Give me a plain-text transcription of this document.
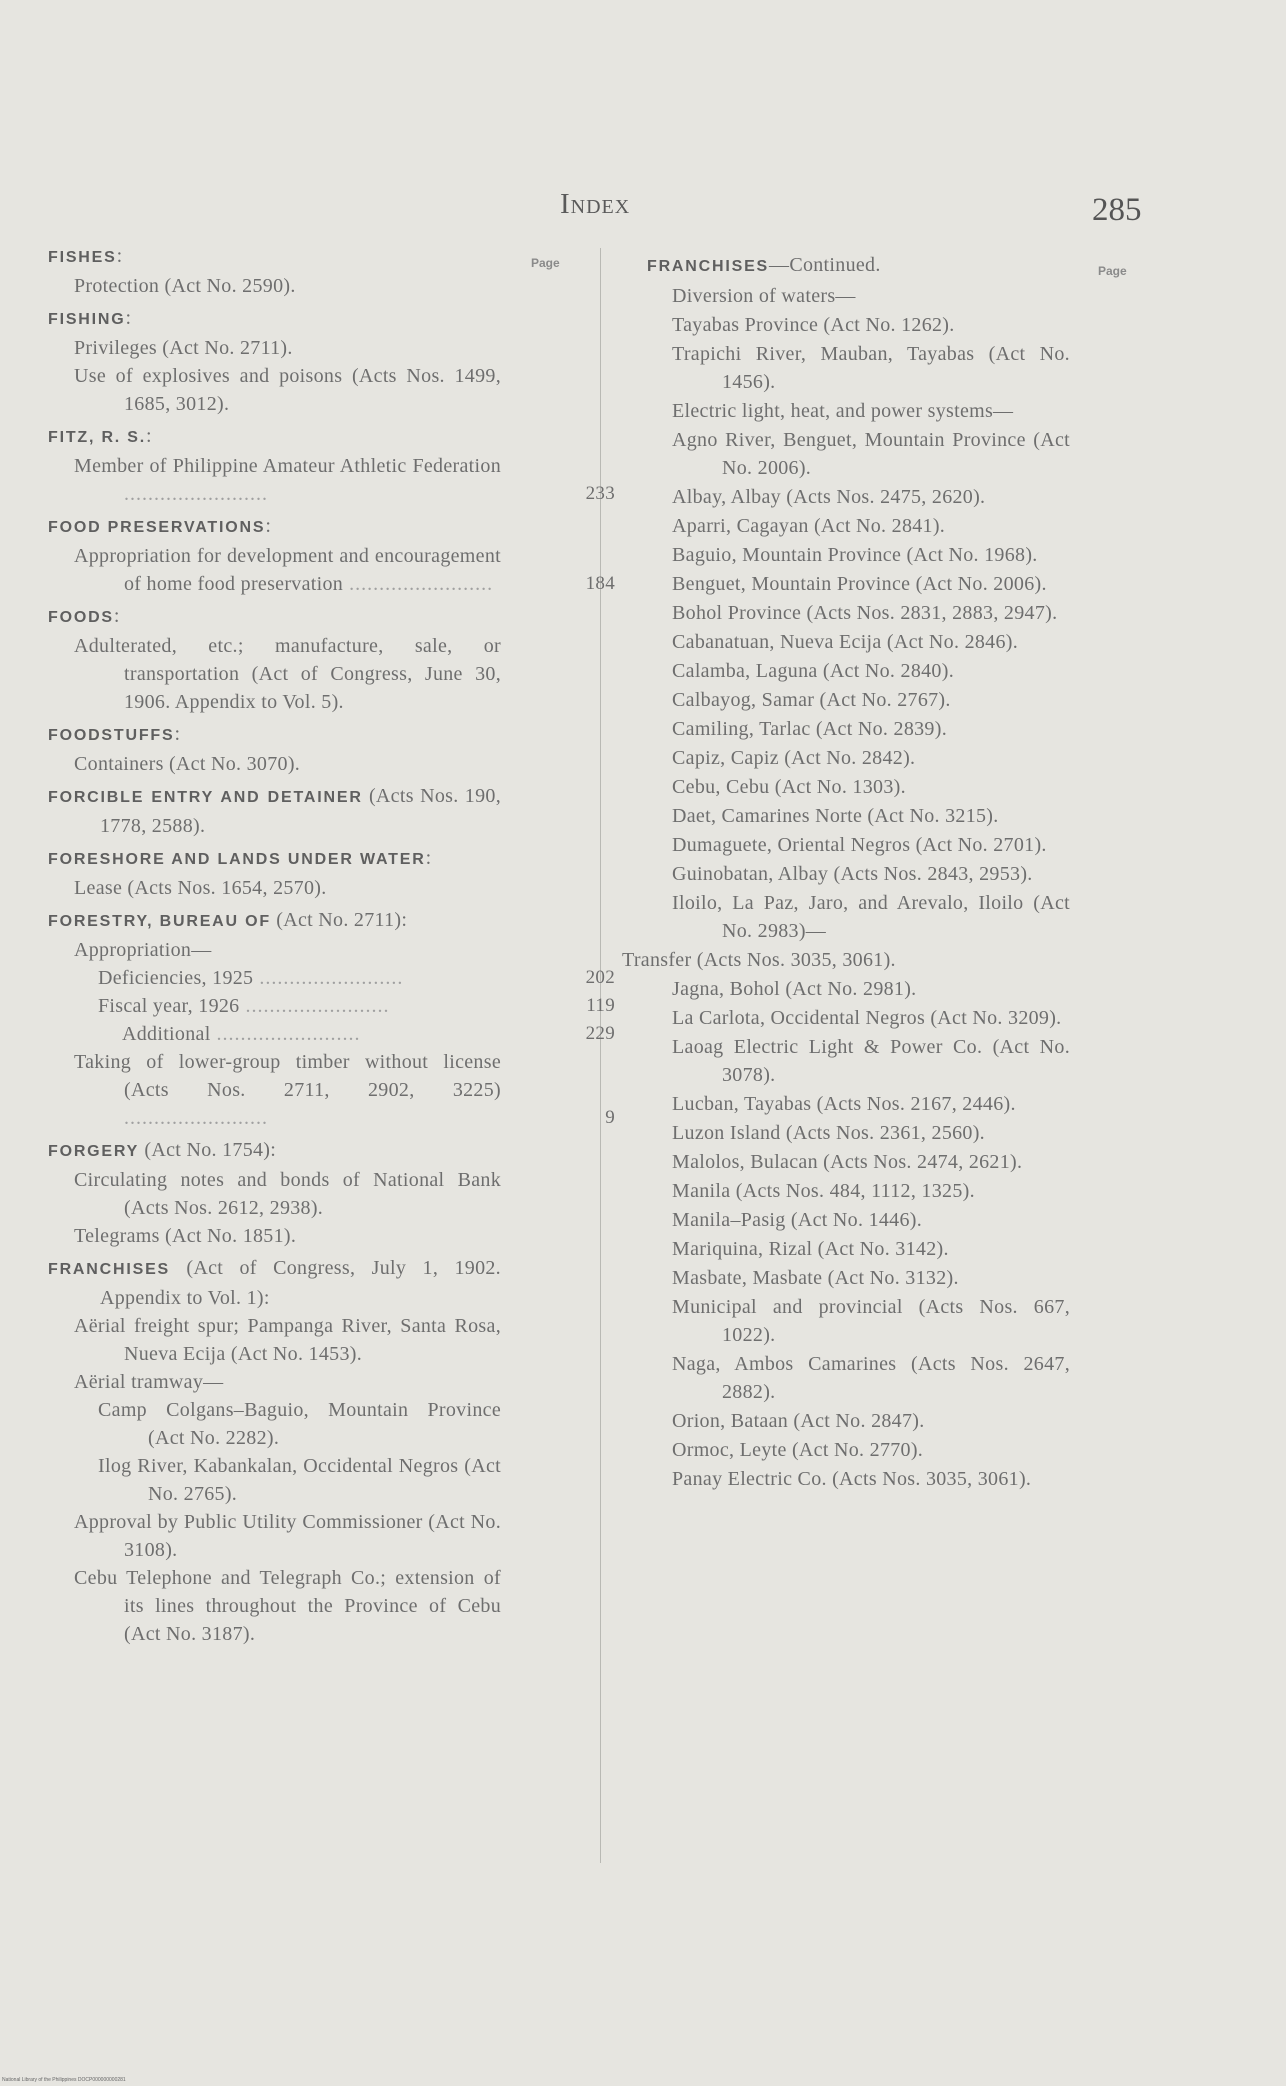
Index	285
Page
Page
FISHES:
Protection (Act No. 2590).
FISHING:
Privileges (Act No. 2711).
Use of explosives and poisons (Acts Nos. 1499, 1685, 3012).
FITZ, R. S.:
Member of Philippine Amateur Athletic Federation ........................	233
FOOD PRESERVATIONS:
Appropriation for development and encouragement of home food preservation ........................	184
FOODS:
Adulterated, etc.; manufacture, sale, or transportation (Act of Congress, June 30, 1906. Appendix to Vol. 5).
FOODSTUFFS:
Containers (Act No. 3070).
FORCIBLE ENTRY AND DETAINER (Acts Nos. 190, 1778, 2588).
FORESHORE AND LANDS UNDER WATER:
Lease (Acts Nos. 1654, 2570).
FORESTRY, BUREAU OF (Act No. 2711):
Appropriation—
Deficiencies, 1925 ........................	202
Fiscal year, 1926 ........................	119
Additional ........................	229
Taking of lower-group timber without license (Acts Nos. 2711, 2902, 3225) ........................	9
FORGERY (Act No. 1754):
Circulating notes and bonds of National Bank (Acts Nos. 2612, 2938).
Telegrams (Act No. 1851).
FRANCHISES (Act of Congress, July 1, 1902. Appendix to Vol. 1):
Aërial freight spur; Pampanga River, Santa Rosa, Nueva Ecija (Act No. 1453).
Aërial tramway—
Camp Colgans–Baguio, Mountain Province (Act No. 2282).
Ilog River, Kabankalan, Occidental Negros (Act No. 2765).
Approval by Public Utility Commissioner (Act No. 3108).
Cebu Telephone and Telegraph Co.; extension of its lines throughout the Province of Cebu (Act No. 3187).
FRANCHISES—Continued.
Diversion of waters—
Tayabas Province (Act No. 1262).
Trapichi River, Mauban, Tayabas (Act No. 1456).
Electric light, heat, and power systems—
Agno River, Benguet, Mountain Province (Act No. 2006).
Albay, Albay (Acts Nos. 2475, 2620).
Aparri, Cagayan (Act No. 2841).
Baguio, Mountain Province (Act No. 1968).
Benguet, Mountain Province (Act No. 2006).
Bohol Province (Acts Nos. 2831, 2883, 2947).
Cabanatuan, Nueva Ecija (Act No. 2846).
Calamba, Laguna (Act No. 2840).
Calbayog, Samar (Act No. 2767).
Camiling, Tarlac (Act No. 2839).
Capiz, Capiz (Act No. 2842).
Cebu, Cebu (Act No. 1303).
Daet, Camarines Norte (Act No. 3215).
Dumaguete, Oriental Negros (Act No. 2701).
Guinobatan, Albay (Acts Nos. 2843, 2953).
Iloilo, La Paz, Jaro, and Arevalo, Iloilo (Act No. 2983)—
Transfer (Acts Nos. 3035, 3061).
Jagna, Bohol (Act No. 2981).
La Carlota, Occidental Negros (Act No. 3209).
Laoag Electric Light & Power Co. (Act No. 3078).
Lucban, Tayabas (Acts Nos. 2167, 2446).
Luzon Island (Acts Nos. 2361, 2560).
Malolos, Bulacan (Acts Nos. 2474, 2621).
Manila (Acts Nos. 484, 1112, 1325).
Manila–Pasig (Act No. 1446).
Mariquina, Rizal (Act No. 3142).
Masbate, Masbate (Act No. 3132).
Municipal and provincial (Acts Nos. 667, 1022).
Naga, Ambos Camarines (Acts Nos. 2647, 2882).
Orion, Bataan (Act No. 2847).
Ormoc, Leyte (Act No. 2770).
Panay Electric Co. (Acts Nos. 3035, 3061).
National Library of the Philippines DOCP000000000281
